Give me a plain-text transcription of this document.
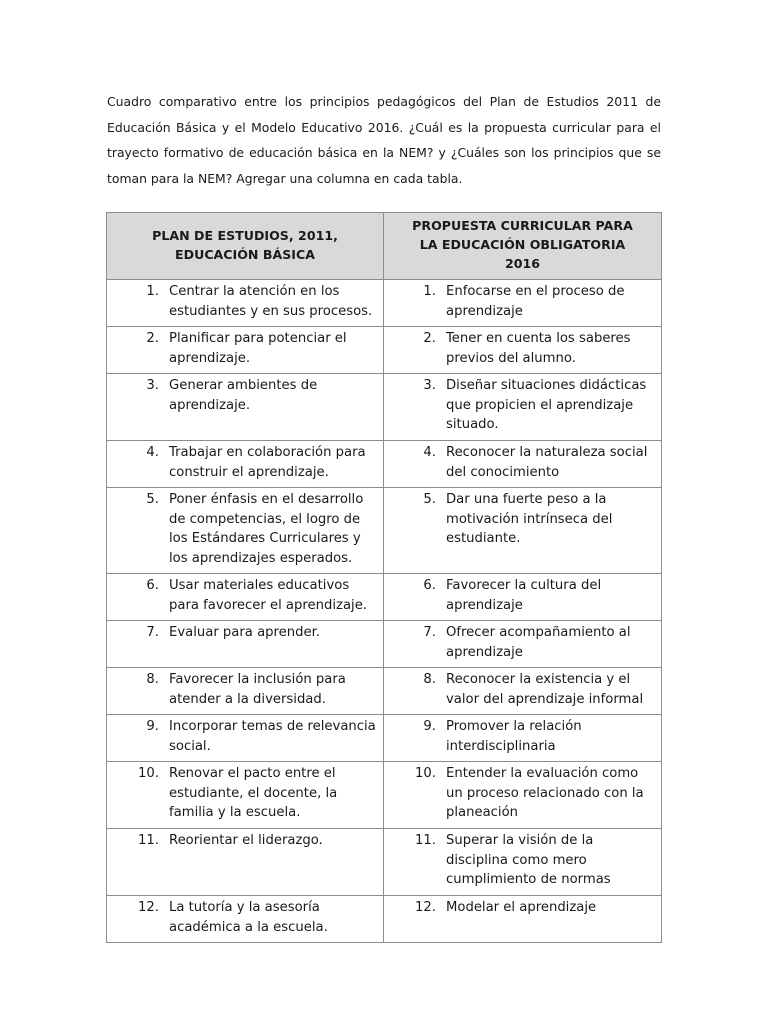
Cuadro comparativo entre los principios pedagógicos del Plan de Estudios 2011 de Educación Básica y el Modelo Educativo 2016. ¿Cuál es la propuesta curricular para el trayecto formativo de educación básica en la NEM? y ¿Cuáles son los principios que se toman para la NEM? Agregar una columna en cada tabla.

PLAN DE ESTUDIOS, 2011, EDUCACIÓN BÁSICA	PROPUESTA CURRICULAR PARA LA EDUCACIÓN OBLIGATORIA 2016

1. Centrar la atención en los estudiantes y en sus procesos.	1. Enfocarse en el proceso de aprendizaje

2. Planificar para potenciar el aprendizaje.	2. Tener en cuenta los saberes previos del alumno.

3. Generar ambientes de aprendizaje.	3. Diseñar situaciones didácticas que propicien el aprendizaje situado.

4. Trabajar en colaboración para construir el aprendizaje.	4. Reconocer la naturaleza social del conocimiento

5. Poner énfasis en el desarrollo de competencias, el logro de los Estándares Curriculares y los aprendizajes esperados.	5. Dar una fuerte peso a la motivación intrínseca del estudiante.

6. Usar materiales educativos para favorecer el aprendizaje.	6. Favorecer la cultura del aprendizaje

7. Evaluar para aprender.	7. Ofrecer acompañamiento al aprendizaje

8. Favorecer la inclusión para atender a la diversidad.	8. Reconocer la existencia y el valor del aprendizaje informal

9. Incorporar temas de relevancia social.	9. Promover la relación interdisciplinaria

10. Renovar el pacto entre el estudiante, el docente, la familia y la escuela.	10. Entender la evaluación como un proceso relacionado con la planeación

11. Reorientar el liderazgo.	11. Superar la visión de la disciplina como mero cumplimiento de normas

12. La tutoría y la asesoría académica a la escuela.	12. Modelar el aprendizaje
